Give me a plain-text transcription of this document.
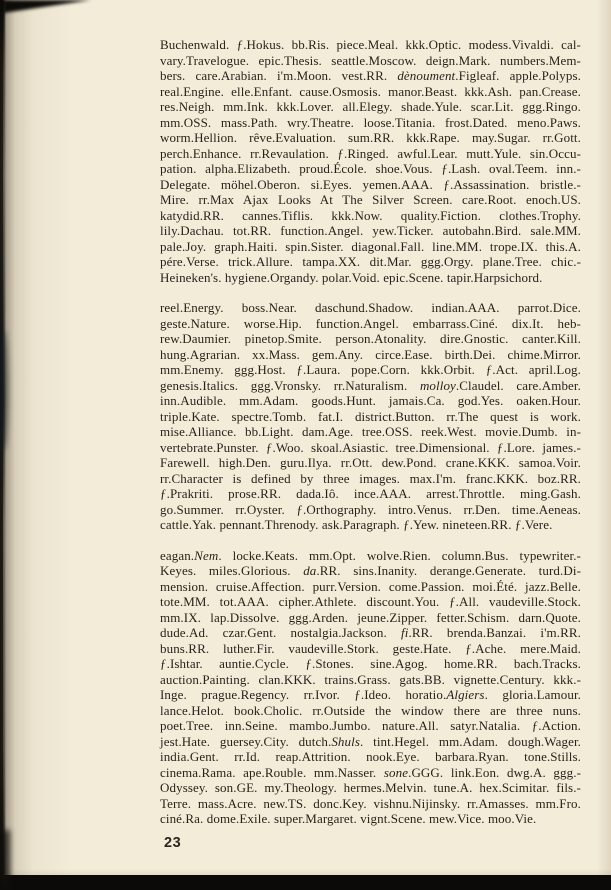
Buchenwald. ƒ.Hokus. bb.Ris. piece.Meal. kkk.Optic. modess.Vivaldi. cal-
vary.Travelogue. epic.Thesis. seattle.Moscow. deign.Mark. numbers.Mem-
bers. care.Arabian. i'm.Moon. vest.RR. dènoument.Figleaf. apple.Polyps.
real.Engine. elle.Enfant. cause.Osmosis. manor.Beast. kkk.Ash. pan.Crease.
res.Neigh. mm.Ink. kkk.Lover. all.Elegy. shade.Yule. scar.Lit. ggg.Ringo.
mm.OSS. mass.Path. wry.Theatre. loose.Titania. frost.Dated. meno.Paws.
worm.Hellion. rêve.Evaluation. sum.RR. kkk.Rape. may.Sugar. rr.Gott.
perch.Enhance. rr.Revaulation. ƒ.Ringed. awful.Lear. mutt.Yule. sin.Occu-
pation. alpha.Elizabeth. proud.École. shoe.Vous. ƒ.Lash. oval.Teem. inn.-
Delegate. möhel.Oberon. si.Eyes. yemen.AAA. ƒ.Assassination. bristle.-
Mire. rr.Max Ajax Looks At The Silver Screen. care.Root. enoch.US.
katydid.RR. cannes.Tiflis. kkk.Now. quality.Fiction. clothes.Trophy.
lily.Dachau. tot.RR. function.Angel. yew.Ticker. autobahn.Bird. sale.MM.
pale.Joy. graph.Haiti. spin.Sister. diagonal.Fall. line.MM. trope.IX. this.A.
pére.Verse. trick.Allure. tampa.XX. dit.Mar. ggg.Orgy. plane.Tree. chic.-
Heineken's. hygiene.Organdy. polar.Void. epic.Scene. tapir.Harpsichord.
reel.Energy. boss.Near. daschund.Shadow. indian.AAA. parrot.Dice.
geste.Nature. worse.Hip. function.Angel. embarrass.Ciné. dix.It. heb-
rew.Daumier. pinetop.Smite. person.Atonality. dire.Gnostic. canter.Kill.
hung.Agrarian. xx.Mass. gem.Any. circe.Ease. birth.Dei. chime.Mirror.
mm.Enemy. ggg.Host. ƒ.Laura. pope.Corn. kkk.Orbit. ƒ.Act. april.Log.
genesis.Italics. ggg.Vronsky. rr.Naturalism. molloy.Claudel. care.Amber.
inn.Audible. mm.Adam. goods.Hunt. jamais.Ca. god.Yes. oaken.Hour.
triple.Kate. spectre.Tomb. fat.I. district.Button. rr.The quest is work.
mise.Alliance. bb.Light. dam.Age. tree.OSS. reek.West. movie.Dumb. in-
vertebrate.Punster. ƒ.Woo. skoal.Asiastic. tree.Dimensional. ƒ.Lore. james.-
Farewell. high.Den. guru.Ilya. rr.Ott. dew.Pond. crane.KKK. samoa.Voir.
rr.Character is defined by three images. max.I'm. franc.KKK. boz.RR.
ƒ.Prakriti. prose.RR. dada.Iô. ince.AAA. arrest.Throttle. ming.Gash.
go.Summer. rr.Oyster. ƒ.Orthography. intro.Venus. rr.Den. time.Aeneas.
cattle.Yak. pennant.Threnody. ask.Paragraph. ƒ.Yew. nineteen.RR. ƒ.Vere.
eagan.Nem. locke.Keats. mm.Opt. wolve.Rien. column.Bus. typewriter.-
Keyes. miles.Glorious. da.RR. sins.Inanity. derange.Generate. turd.Di-
mension. cruise.Affection. purr.Version. come.Passion. moi.Été. jazz.Belle.
tote.MM. tot.AAA. cipher.Athlete. discount.You. ƒ.All. vaudeville.Stock.
mm.IX. lap.Dissolve. ggg.Arden. jeune.Zipper. fetter.Schism. darn.Quote.
dude.Ad. czar.Gent. nostalgia.Jackson. fi.RR. brenda.Banzai. i'm.RR.
buns.RR. luther.Fir. vaudeville.Stork. geste.Hate. ƒ.Ache. mere.Maid.
ƒ.Ishtar. auntie.Cycle. ƒ.Stones. sine.Agog. home.RR. bach.Tracks.
auction.Painting. clan.KKK. trains.Grass. gats.BB. vignette.Century. kkk.-
Inge. prague.Regency. rr.Ivor. ƒ.Ideo. horatio.Algiers. gloria.Lamour.
lance.Helot. book.Cholic. rr.Outside the window there are three nuns.
poet.Tree. inn.Seine. mambo.Jumbo. nature.All. satyr.Natalia. ƒ.Action.
jest.Hate. guersey.City. dutch.Shuls. tint.Hegel. mm.Adam. dough.Wager.
india.Gent. rr.Id. reap.Attrition. nook.Eye. barbara.Ryan. tone.Stills.
cinema.Rama. ape.Rouble. mm.Nasser. sone.GGG. link.Eon. dwg.A. ggg.-
Odyssey. son.GE. my.Theology. hermes.Melvin. tune.A. hex.Scimitar. fils.-
Terre. mass.Acre. new.TS. donc.Key. vishnu.Nijinsky. rr.Amasses. mm.Fro.
ciné.Ra. dome.Exile. super.Margaret. vignt.Scene. mew.Vice. moo.Vie.
23
